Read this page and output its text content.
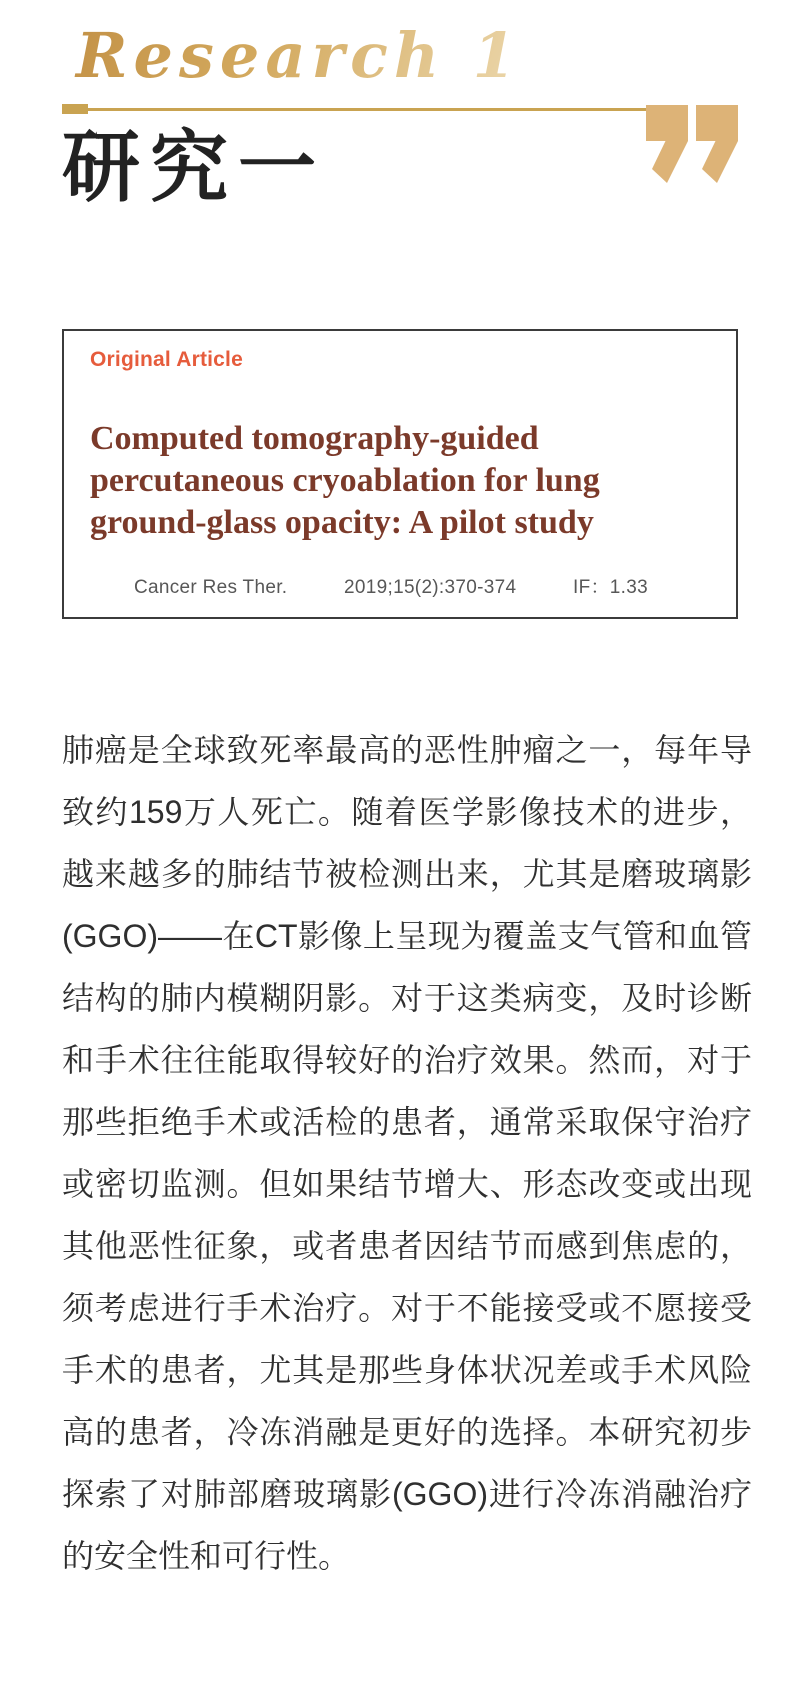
Research 1
研究一
Original Article
Computed tomography-guided percutaneous cryoablation for lung ground-glass opacity: A pilot study
Cancer Res Ther.	2019;15(2):370-374	IF：1.33

肺癌是全球致死率最高的恶性肿瘤之一，每年导致约159万人死亡。随着医学影像技术的进步，越来越多的肺结节被检测出来，尤其是磨玻璃影(GGO)——在CT影像上呈现为覆盖支气管和血管结构的肺内模糊阴影。对于这类病变，及时诊断和手术往往能取得较好的治疗效果。然而，对于那些拒绝手术或活检的患者，通常采取保守治疗或密切监测。但如果结节增大、形态改变或出现其他恶性征象，或者患者因结节而感到焦虑的，须考虑进行手术治疗。对于不能接受或不愿接受手术的患者，尤其是那些身体状况差或手术风险高的患者，冷冻消融是更好的选择。本研究初步探索了对肺部磨玻璃影(GGO)进行冷冻消融治疗的安全性和可行性。
